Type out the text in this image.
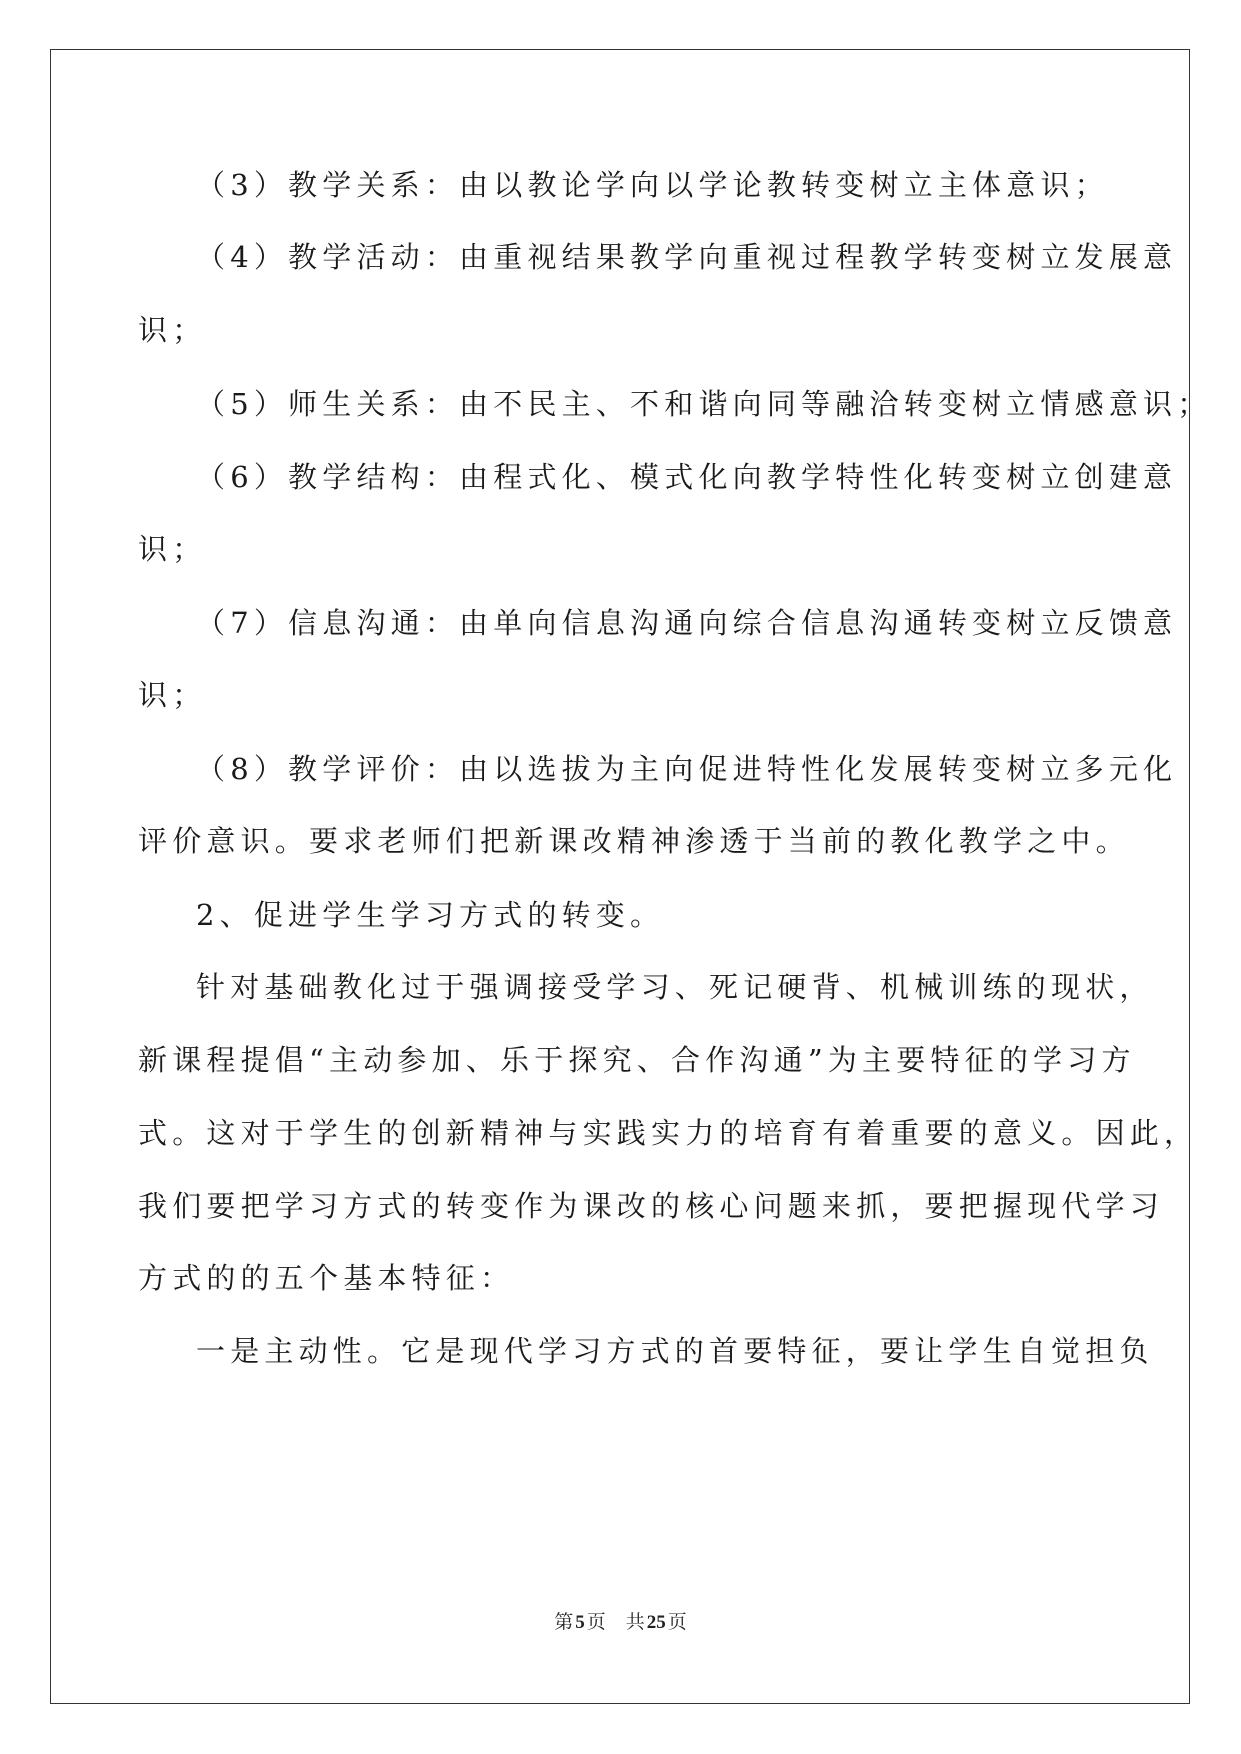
（3）教学关系：由以教论学向以学论教转变树立主体意识；
（4）教学活动：由重视结果教学向重视过程教学转变树立发展意
识；
（5）师生关系：由不民主、不和谐向同等融洽转变树立情感意识；
（6）教学结构：由程式化、模式化向教学特性化转变树立创建意
识；
（7）信息沟通：由单向信息沟通向综合信息沟通转变树立反馈意
识；
（8）教学评价：由以选拔为主向促进特性化发展转变树立多元化
评价意识。要求老师们把新课改精神渗透于当前的教化教学之中。
2、促进学生学习方式的转变。
针对基础教化过于强调接受学习、死记硬背、机械训练的现状，
新课程提倡“主动参加、乐于探究、合作沟通”为主要特征的学习方
式。这对于学生的创新精神与实践实力的培育有着重要的意义。因此，
我们要把学习方式的转变作为课改的核心问题来抓，要把握现代学习
方式的的五个基本特征：
一是主动性。它是现代学习方式的首要特征，要让学生自觉担负
第 5 页 共 25 页
